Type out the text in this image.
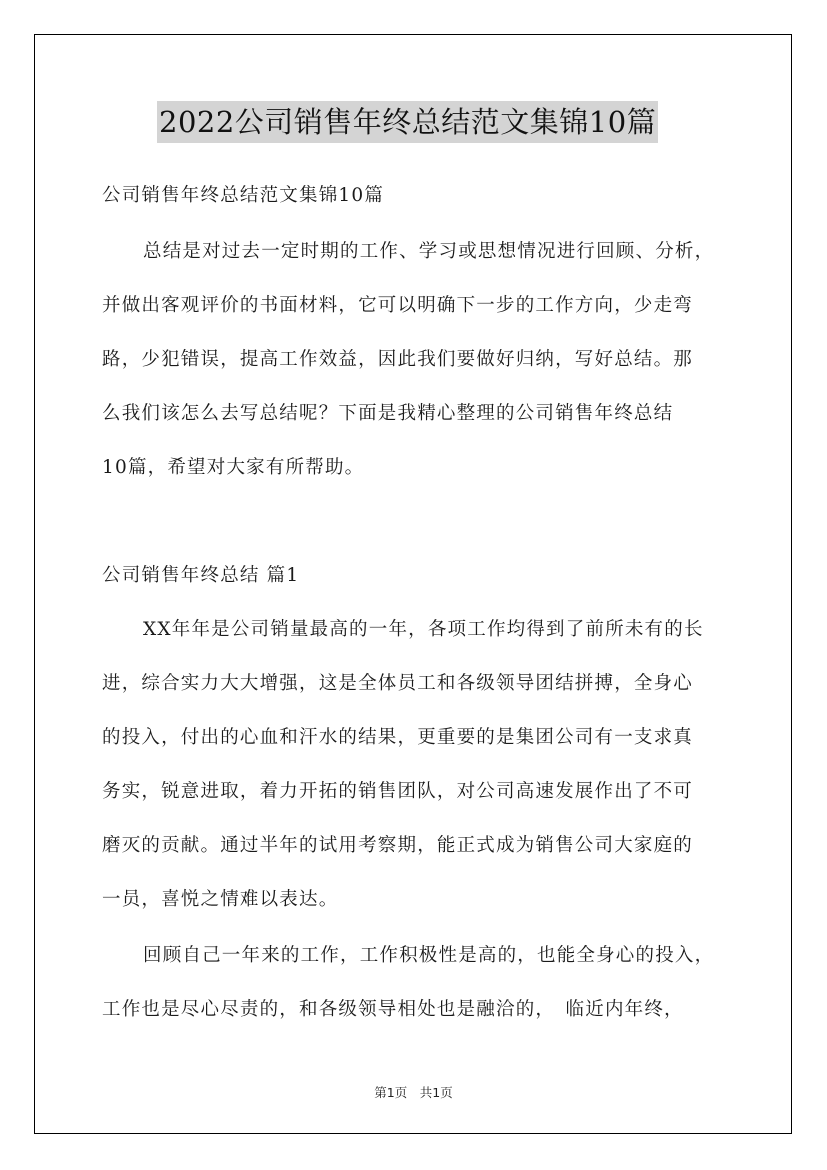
2022公司销售年终总结范文集锦10篇
公司销售年终总结范文集锦10篇
总结是对过去一定时期的工作、学习或思想情况进行回顾、分析，
并做出客观评价的书面材料，它可以明确下一步的工作方向，少走弯
路，少犯错误，提高工作效益，因此我们要做好归纳，写好总结。那
么我们该怎么去写总结呢？下面是我精心整理的公司销售年终总结
10篇，希望对大家有所帮助。
公司销售年终总结 篇1
XX年年是公司销量最高的一年，各项工作均得到了前所未有的长
进，综合实力大大增强，这是全体员工和各级领导团结拼搏，全身心
的投入，付出的心血和汗水的结果，更重要的是集团公司有一支求真
务实，锐意进取，着力开拓的销售团队，对公司高速发展作出了不可
磨灭的贡献。通过半年的试用考察期，能正式成为销售公司大家庭的
一员，喜悦之情难以表达。
回顾自己一年来的工作，工作积极性是高的，也能全身心的投入，
工作也是尽心尽责的，和各级领导相处也是融洽的，　临近内年终，
第1页　共1页
